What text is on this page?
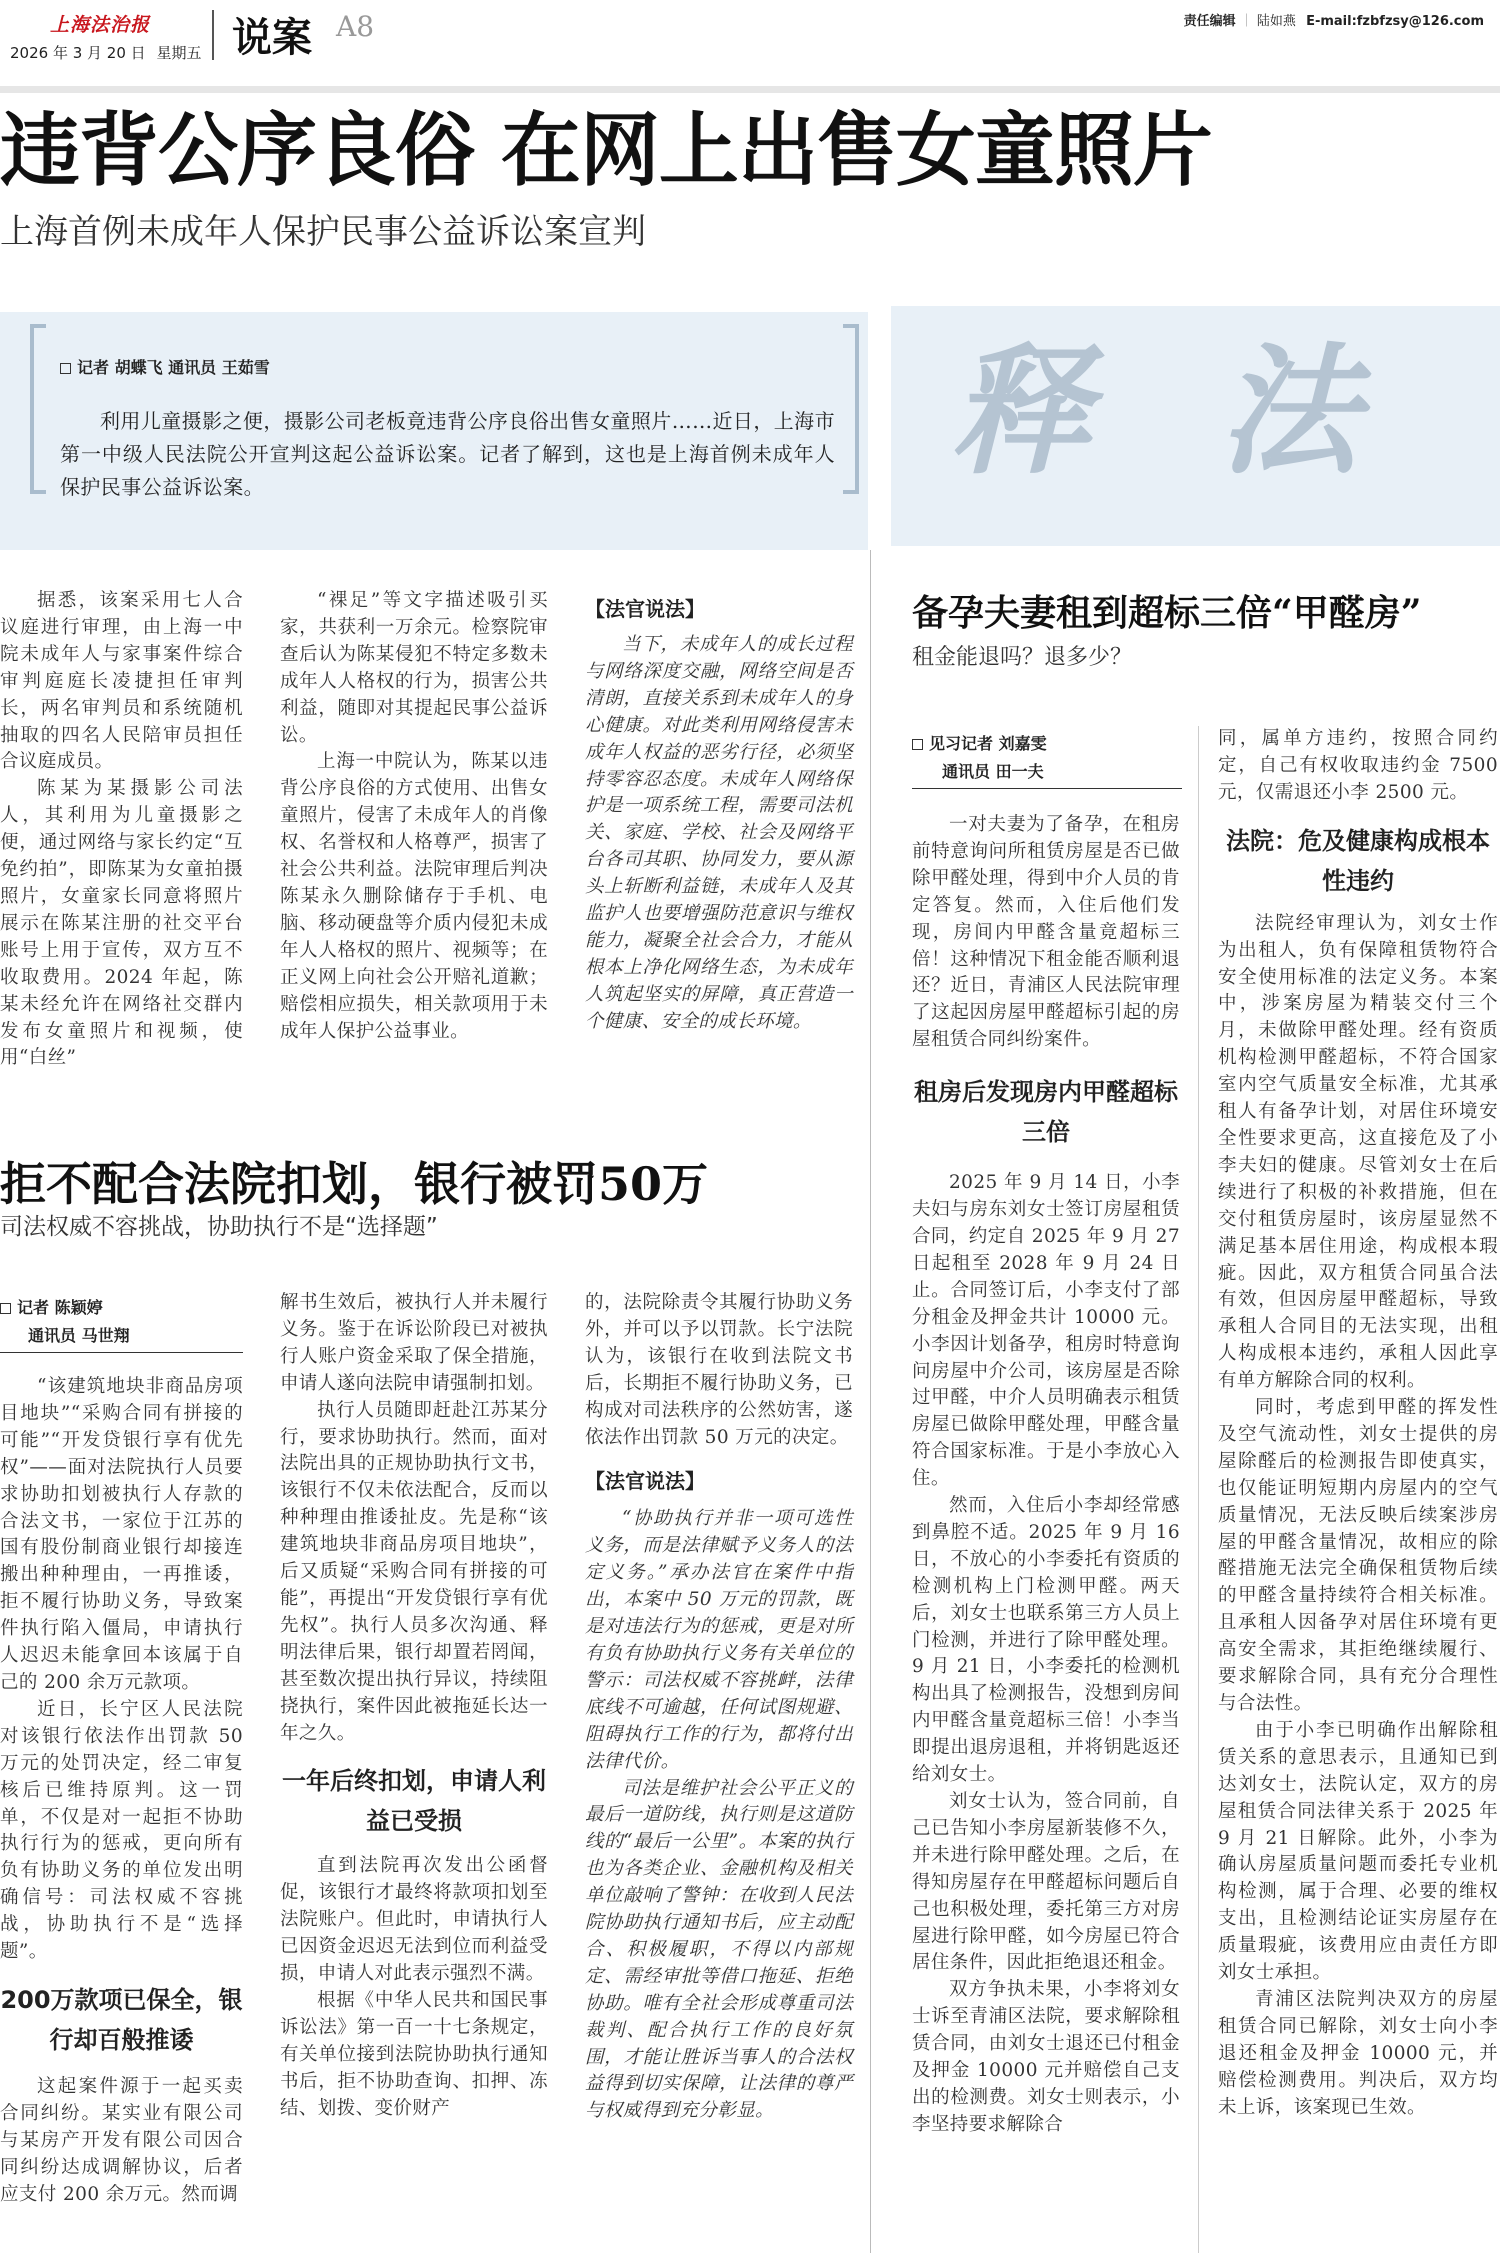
上海法治报
2026 年 3 月 20 日 星期五 说案 A8	责任编辑 ｜ 陆如燕 E-mail:fzbfzsy@126.com
违背公序良俗 在网上出售女童照片
上海首例未成年人保护民事公益诉讼案宣判
记者 胡蝶飞 通讯员 王茹雪

利用儿童摄影之便，摄影公司老板竟违背公序良俗出售女童照片……近日，上海市第一中级人民法院公开宣判这起公益诉讼案。记者了解到，这也是上海首例未成年人保护民事公益诉讼案。

据悉，该案采用七人合议庭进行审理，由上海一中院未成年人与家事案件综合审判庭庭长凌捷担任审判长，两名审判员和系统随机抽取的四名人民陪审员担任合议庭成员。

陈某为某摄影公司法人，其利用为儿童摄影之便，通过网络与家长约定“互免约拍”，即陈某为女童拍摄照片，女童家长同意将照片展示在陈某注册的社交平台账号上用于宣传，双方互不收取费用。2024 年起，陈某未经允许在网络社交群内发布女童照片和视频，使用“白丝”

“裸足”等文字描述吸引买家，共获利一万余元。检察院审查后认为陈某侵犯不特定多数未成年人人格权的行为，损害公共利益，随即对其提起民事公益诉讼。

上海一中院认为，陈某以违背公序良俗的方式使用、出售女童照片，侵害了未成年人的肖像权、名誉权和人格尊严，损害了社会公共利益。法院审理后判决陈某永久删除储存于手机、电脑、移动硬盘等介质内侵犯未成年人人格权的照片、视频等；在正义网上向社会公开赔礼道歉；赔偿相应损失，相关款项用于未成年人保护公益事业。

【法官说法】

当下，未成年人的成长过程与网络深度交融，网络空间是否清朗，直接关系到未成年人的身心健康。对此类利用网络侵害未成年人权益的恶劣行径，必须坚持零容忍态度。未成年人网络保护是一项系统工程，需要司法机关、家庭、学校、社会及网络平台各司其职、协同发力，要从源头上斩断利益链，未成年人及其监护人也要增强防范意识与维权能力，凝聚全社会合力，才能从根本上净化网络生态，为未成年人筑起坚实的屏障，真正营造一个健康、安全的成长环境。

释 法
备孕夫妻租到超标三倍“甲醛房”
租金能退吗？退多少？
见习记者 刘嘉雯
通讯员 田一夫

一对夫妻为了备孕，在租房前特意询问所租赁房屋是否已做除甲醛处理，得到中介人员的肯定答复。然而，入住后他们发现，房间内甲醛含量竟超标三倍！这种情况下租金能否顺利退还？近日，青浦区人民法院审理了这起因房屋甲醛超标引起的房屋租赁合同纠纷案件。

租房后发现房内甲醛超标三倍

2025 年 9 月 14 日，小李夫妇与房东刘女士签订房屋租赁合同，约定自 2025 年 9 月 27 日起租至 2028 年 9 月 24 日止。合同签订后，小李支付了部分租金及押金共计 10000 元。小李因计划备孕，租房时特意询问房屋中介公司，该房屋是否除过甲醛，中介人员明确表示租赁房屋已做除甲醛处理，甲醛含量符合国家标准。于是小李放心入住。

然而，入住后小李却经常感到鼻腔不适。2025 年 9 月 16 日，不放心的小李委托有资质的检测机构上门检测甲醛。两天后，刘女士也联系第三方人员上门检测，并进行了除甲醛处理。9 月 21 日，小李委托的检测机构出具了检测报告，没想到房间内甲醛含量竟超标三倍！小李当即提出退房退租，并将钥匙返还给刘女士。

刘女士认为，签合同前，自己已告知小李房屋新装修不久，并未进行除甲醛处理。之后，在得知房屋存在甲醛超标问题后自己也积极处理，委托第三方对房屋进行除甲醛，如今房屋已符合居住条件，因此拒绝退还租金。

双方争执未果，小李将刘女士诉至青浦区法院，要求解除租赁合同，由刘女士退还已付租金及押金 10000 元并赔偿自己支出的检测费。刘女士则表示，小李坚持要求解除合

同，属单方违约，按照合同约定，自己有权收取违约金 7500 元，仅需退还小李 2500 元。

法院：危及健康构成根本性违约

法院经审理认为，刘女士作为出租人，负有保障租赁物符合安全使用标准的法定义务。本案中，涉案房屋为精装交付三个月，未做除甲醛处理。经有资质机构检测甲醛超标，不符合国家室内空气质量安全标准，尤其承租人有备孕计划，对居住环境安全性要求更高，这直接危及了小李夫妇的健康。尽管刘女士在后续进行了积极的补救措施，但在交付租赁房屋时，该房屋显然不满足基本居住用途，构成根本瑕疵。因此，双方租赁合同虽合法有效，但因房屋甲醛超标，导致承租人合同目的无法实现，出租人构成根本违约，承租人因此享有单方解除合同的权利。

同时，考虑到甲醛的挥发性及空气流动性，刘女士提供的房屋除醛后的检测报告即使真实，也仅能证明短期内房屋内的空气质量情况，无法反映后续案涉房屋的甲醛含量情况，故相应的除醛措施无法完全确保租赁物后续的甲醛含量持续符合相关标准。且承租人因备孕对居住环境有更高安全需求，其拒绝继续履行、要求解除合同，具有充分合理性与合法性。

由于小李已明确作出解除租赁关系的意思表示，且通知已到达刘女士，法院认定，双方的房屋租赁合同法律关系于 2025 年 9 月 21 日解除。此外，小李为确认房屋质量问题而委托专业机构检测，属于合理、必要的维权支出，且检测结论证实房屋存在质量瑕疵，该费用应由责任方即刘女士承担。

青浦区法院判决双方的房屋租赁合同已解除，刘女士向小李退还租金及押金 10000 元，并赔偿检测费用。判决后，双方均未上诉，该案现已生效。

拒不配合法院扣划，银行被罚50万
司法权威不容挑战，协助执行不是“选择题”
记者 陈颖婷
通讯员 马世翔

“该建筑地块非商品房项目地块”“采购合同有拼接的可能”“开发贷银行享有优先权”——面对法院执行人员要求协助扣划被执行人存款的合法文书，一家位于江苏的国有股份制商业银行却接连搬出种种理由，一再推诿，拒不履行协助义务，导致案件执行陷入僵局，申请执行人迟迟未能拿回本该属于自己的 200 余万元款项。

近日，长宁区人民法院对该银行依法作出罚款 50 万元的处罚决定，经二审复核后已维持原判。这一罚单，不仅是对一起拒不协助执行行为的惩戒，更向所有负有协助义务的单位发出明确信号：司法权威不容挑战，协助执行不是“选择题”。

200万款项已保全，银行却百般推诿

这起案件源于一起买卖合同纠纷。某实业有限公司与某房产开发有限公司因合同纠纷达成调解协议，后者应支付 200 余万元。然而调

解书生效后，被执行人并未履行义务。鉴于在诉讼阶段已对被执行人账户资金采取了保全措施，申请人遂向法院申请强制扣划。

执行人员随即赶赴江苏某分行，要求协助执行。然而，面对法院出具的正规协助执行文书，该银行不仅未依法配合，反而以种种理由推诿扯皮。先是称“该建筑地块非商品房项目地块”，后又质疑“采购合同有拼接的可能”，再提出“开发贷银行享有优先权”。执行人员多次沟通、释明法律后果，银行却置若罔闻，甚至数次提出执行异议，持续阻挠执行，案件因此被拖延长达一年之久。

一年后终扣划，申请人利益已受损

直到法院再次发出公函督促，该银行才最终将款项扣划至法院账户。但此时，申请执行人已因资金迟迟无法到位而利益受损，申请人对此表示强烈不满。

根据《中华人民共和国民事诉讼法》第一百一十七条规定，有关单位接到法院协助执行通知书后，拒不协助查询、扣押、冻结、划拨、变价财产

的，法院除责令其履行协助义务外，并可以予以罚款。长宁法院认为，该银行在收到法院文书后，长期拒不履行协助义务，已构成对司法秩序的公然妨害，遂依法作出罚款 50 万元的决定。

【法官说法】

“协助执行并非一项可选性义务，而是法律赋予义务人的法定义务。”承办法官在案件中指出，本案中 50 万元的罚款，既是对违法行为的惩戒，更是对所有负有协助执行义务有关单位的警示：司法权威不容挑衅，法律底线不可逾越，任何试图规避、阻碍执行工作的行为，都将付出法律代价。

司法是维护社会公平正义的最后一道防线，执行则是这道防线的“最后一公里”。本案的执行也为各类企业、金融机构及相关单位敲响了警钟：在收到人民法院协助执行通知书后，应主动配合、积极履职，不得以内部规定、需经审批等借口拖延、拒绝协助。唯有全社会形成尊重司法裁判、配合执行工作的良好氛围，才能让胜诉当事人的合法权益得到切实保障，让法律的尊严与权威得到充分彰显。
